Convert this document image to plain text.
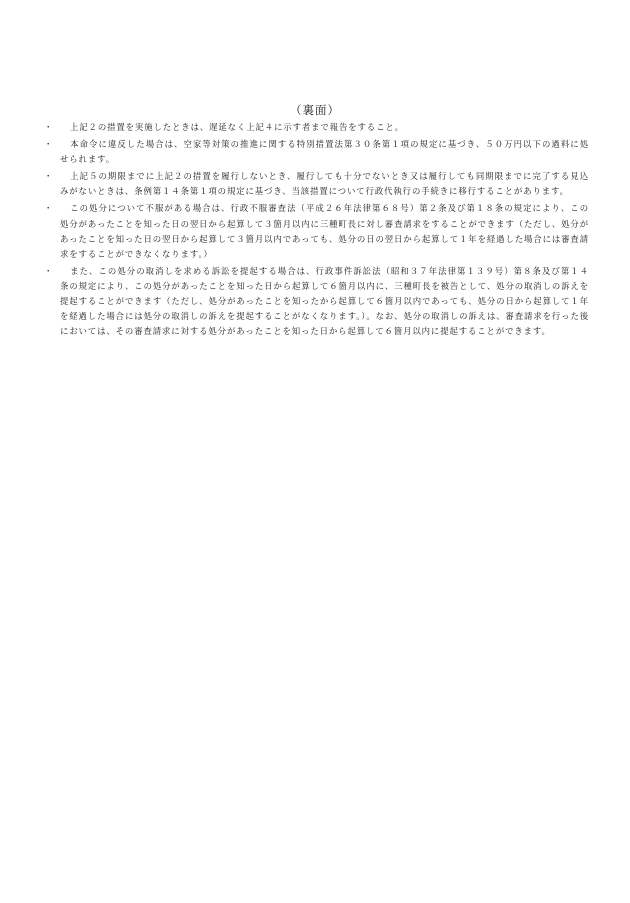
（裏面）
・	上記２の措置を実施したときは、遅延なく上記４に示す者まで報告をすること。
・	本命令に違反した場合は、空家等対策の推進に関する特別措置法第３０条第１項の規定に基づき、５０万円以下の過料に処せられます。
・	上記５の期限までに上記２の措置を履行しないとき、履行しても十分でないとき又は履行しても同期限までに完了する見込みがないときは、条例第１４条第１項の規定に基づき、当該措置について行政代執行の手続きに移行することがあります。
・	この処分について不服がある場合は、行政不服審査法（平成２６年法律第６８号）第２条及び第１８条の規定により、この処分があったことを知った日の翌日から起算して３箇月以内に三種町長に対し審査請求をすることができます（ただし、処分があったことを知った日の翌日から起算して３箇月以内であっても、処分の日の翌日から起算して１年を経過した場合には審査請求をすることができなくなります。）
・	また、この処分の取消しを求める訴訟を提起する場合は、行政事件訴訟法（昭和３７年法律第１３９号）第８条及び第１４条の規定により、この処分があったことを知った日から起算して６箇月以内に、三種町長を被告として、処分の取消しの訴えを提起することができます（ただし、処分があったことを知ったから起算して６箇月以内であっても、処分の日から起算して１年を経過した場合には処分の取消しの訴えを提起することがなくなります。）。なお、処分の取消しの訴えは、審査請求を行った後においては、その審査請求に対する処分があったことを知った日から起算して６箇月以内に提起することができます。
